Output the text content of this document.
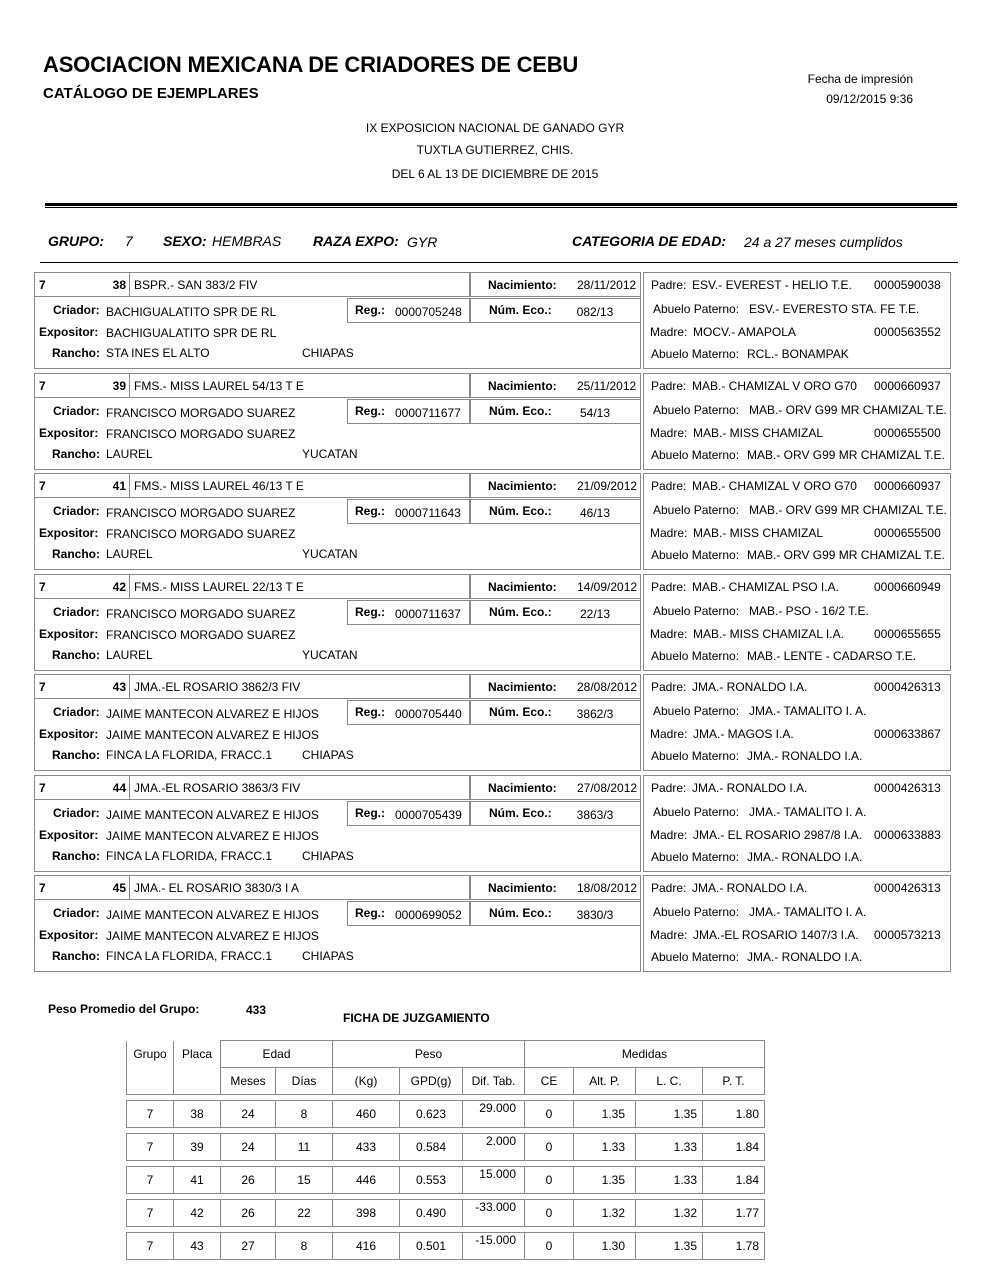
ASOCIACION MEXICANA DE CRIADORES DE CEBU
CATÁLOGO DE EJEMPLARES
Fecha de impresión
09/12/2015 9:36
IX EXPOSICION NACIONAL DE GANADO GYR
TUXTLA GUTIERREZ, CHIS.
DEL 6 AL 13 DE DICIEMBRE DE 2015
GRUPO: 7 SEXO: HEMBRAS RAZA EXPO: GYR	CATEGORIA DE EDAD: 24 a 27 meses cumplidos
7	38 BSPR.- SAN 383/2 FIV	Nacimiento: 28/11/2012
Criador: BACHIGUALATITO SPR DE RL	Reg.: 0000705248 Núm. Eco.:	082/13
Expositor: BACHIGUALATITO SPR DE RL
Rancho: STA INES EL ALTO	CHIAPAS
Padre: ESV.- EVEREST - HELIO T.E. 0000590038
Abuelo Paterno: ESV.- EVERESTO STA. FE T.E.
Madre: MOCV.- AMAPOLA	0000563552
Abuelo Materno: RCL.- BONAMPAK
7	39 FMS.- MISS LAUREL 54/13 T E	Nacimiento: 25/11/2012
Criador: FRANCISCO MORGADO SUAREZ	Reg.: 0000711677 Núm. Eco.:	54/13
Expositor: FRANCISCO MORGADO SUAREZ
Rancho: LAUREL	YUCATAN
Padre: MAB.- CHAMIZAL V ORO G70 0000660937
Abuelo Paterno: MAB.- ORV G99 MR CHAMIZAL T.E.
Madre: MAB.- MISS CHAMIZAL	0000655500
Abuelo Materno: MAB.- ORV G99 MR CHAMIZAL T.E.
7	41 FMS.- MISS LAUREL 46/13 T E	Nacimiento: 21/09/2012
Criador: FRANCISCO MORGADO SUAREZ	Reg.: 0000711643 Núm. Eco.:	46/13
Expositor: FRANCISCO MORGADO SUAREZ
Rancho: LAUREL	YUCATAN
Padre: MAB.- CHAMIZAL V ORO G70 0000660937
Abuelo Paterno: MAB.- ORV G99 MR CHAMIZAL T.E.
Madre: MAB.- MISS CHAMIZAL	0000655500
Abuelo Materno: MAB.- ORV G99 MR CHAMIZAL T.E.
7	42 FMS.- MISS LAUREL 22/13 T E	Nacimiento: 14/09/2012
Criador: FRANCISCO MORGADO SUAREZ	Reg.: 0000711637 Núm. Eco.:	22/13
Expositor: FRANCISCO MORGADO SUAREZ
Rancho: LAUREL	YUCATAN
Padre: MAB.- CHAMIZAL PSO I.A.	0000660949
Abuelo Paterno: MAB.- PSO - 16/2 T.E.
Madre: MAB.- MISS CHAMIZAL I.A.	0000655655
Abuelo Materno: MAB.- LENTE - CADARSO T.E.
7	43 JMA.-EL ROSARIO 3862/3 FIV	Nacimiento: 28/08/2012
Criador: JAIME MANTECON ALVAREZ E HIJOS	Reg.: 0000705440 Núm. Eco.:	3862/3
Expositor: JAIME MANTECON ALVAREZ E HIJOS
Rancho: FINCA LA FLORIDA, FRACC.1 CHIAPAS
Padre: JMA.- RONALDO I.A.	0000426313
Abuelo Paterno: JMA.- TAMALITO I. A.
Madre: JMA.- MAGOS I.A.	0000633867
Abuelo Materno: JMA.- RONALDO I.A.
7	44 JMA.-EL ROSARIO 3863/3 FIV	Nacimiento: 27/08/2012
Criador: JAIME MANTECON ALVAREZ E HIJOS	Reg.: 0000705439 Núm. Eco.:	3863/3
Expositor: JAIME MANTECON ALVAREZ E HIJOS
Rancho: FINCA LA FLORIDA, FRACC.1 CHIAPAS
Padre: JMA.- RONALDO I.A.	0000426313
Abuelo Paterno: JMA.- TAMALITO I. A.
Madre: JMA.- EL ROSARIO 2987/8 I.A. 0000633883
Abuelo Materno: JMA.- RONALDO I.A.
7	45 JMA.- EL ROSARIO 3830/3 I A	Nacimiento: 18/08/2012
Criador: JAIME MANTECON ALVAREZ E HIJOS	Reg.: 0000699052 Núm. Eco.:	3830/3
Expositor: JAIME MANTECON ALVAREZ E HIJOS
Rancho: FINCA LA FLORIDA, FRACC.1 CHIAPAS
Padre: JMA.- RONALDO I.A.	0000426313
Abuelo Paterno: JMA.- TAMALITO I. A.
Madre: JMA.-EL ROSARIO 1407/3 I.A. 0000573213
Abuelo Materno: JMA.- RONALDO I.A.
Peso Promedio del Grupo:	433
FICHA DE JUZGAMIENTO
Grupo	Placa	Edad		Peso			Medidas			
		Meses	Días	(Kg)	GPD(g)	Dif. Tab.	CE	Alt. P.	L. C.	P. T.

7	38	24	8	460	0.623	29.000	0	1.35	1.35	1.80

7	39	24	11	433	0.584	2.000	0	1.33	1.33	1.84

7	41	26	15	446	0.553	15.000	0	1.35	1.33	1.84

7	42	26	22	398	0.490	-33.000	0	1.32	1.32	1.77

7	43	27	8	416	0.501	-15.000	0	1.30	1.35	1.78
